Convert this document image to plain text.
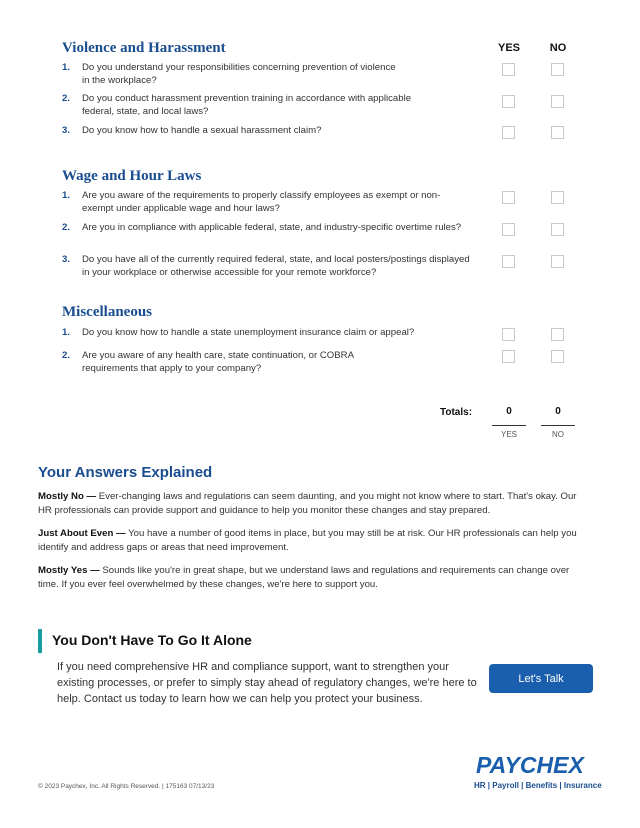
YES	NO
Violence and Harassment
1. Do you understand your responsibilities concerning prevention of violence in the workplace?
2. Do you conduct harassment prevention training in accordance with applicable federal, state, and local laws?
3. Do you know how to handle a sexual harassment claim?
Wage and Hour Laws
1. Are you aware of the requirements to properly classify employees as exempt or non-exempt under applicable wage and hour laws?
2. Are you in compliance with applicable federal, state, and industry-specific overtime rules?
3. Do you have all of the currently required federal, state, and local posters/postings displayed in your workplace or otherwise accessible for your remote workforce?
Miscellaneous
1. Do you know how to handle a state unemployment insurance claim or appeal?
2. Are you aware of any health care, state continuation, or COBRA requirements that apply to your company?
Totals:	0	0
YES	NO
Your Answers Explained
Mostly No — Ever-changing laws and regulations can seem daunting, and you might not know where to start. That's okay. Our HR professionals can provide support and guidance to help you monitor these changes and stay prepared.
Just About Even — You have a number of good items in place, but you may still be at risk. Our HR professionals can help you identify and address gaps or areas that need improvement.
Mostly Yes — Sounds like you're in great shape, but we understand laws and regulations and requirements can change over time. If you ever feel overwhelmed by these changes, we're here to support you.
You Don't Have To Go It Alone
If you need comprehensive HR and compliance support, want to strengthen your existing processes, or prefer to simply stay ahead of regulatory changes, we're here to help. Contact us today to learn how we can help you protect your business.
Let's Talk
PAYCHEX
HR | Payroll | Benefits | Insurance
© 2023 Paychex, Inc. All Rights Reserved. | 175163 07/13/23
